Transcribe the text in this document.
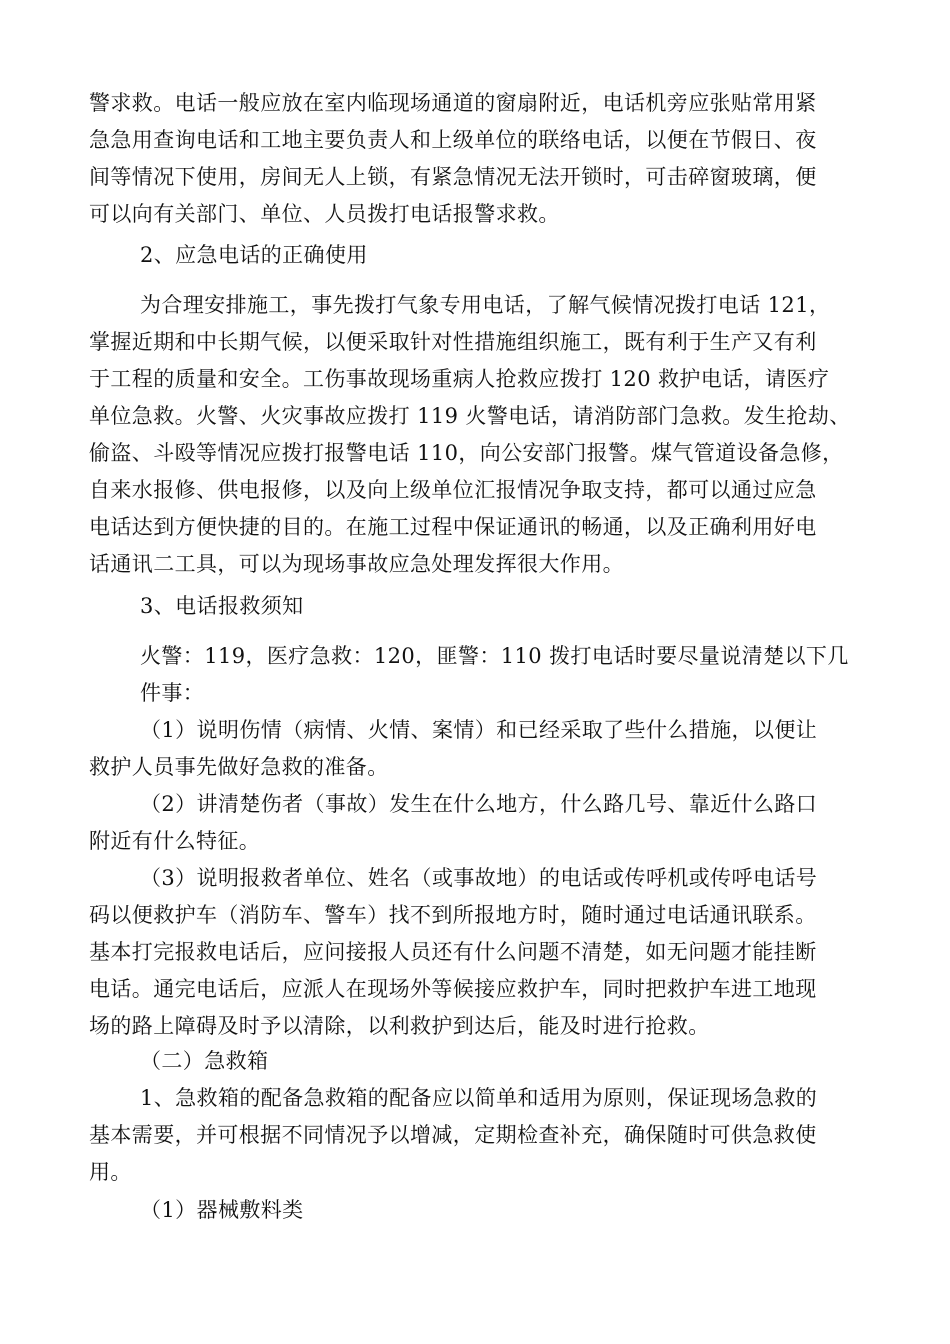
警求救。电话一般应放在室内临现场通道的窗扇附近，电话机旁应张贴常用紧
急急用查询电话和工地主要负责人和上级单位的联络电话，以便在节假日、夜
间等情况下使用，房间无人上锁，有紧急情况无法开锁时，可击碎窗玻璃，便
可以向有关部门、单位、人员拨打电话报警求救。
2、应急电话的正确使用
为合理安排施工，事先拨打气象专用电话，了解气候情况拨打电话 121，
掌握近期和中长期气候，以便采取针对性措施组织施工，既有利于生产又有利
于工程的质量和安全。工伤事故现场重病人抢救应拨打 120 救护电话，请医疗
单位急救。火警、火灾事故应拨打 119 火警电话，请消防部门急救。发生抢劫、
偷盗、斗殴等情况应拨打报警电话 110，向公安部门报警。煤气管道设备急修，
自来水报修、供电报修，以及向上级单位汇报情况争取支持，都可以通过应急
电话达到方便快捷的目的。在施工过程中保证通讯的畅通，以及正确利用好电
话通讯二工具，可以为现场事故应急处理发挥很大作用。
3、电话报救须知
火警：119，医疗急救：120，匪警：110 拨打电话时要尽量说清楚以下几
件事：
（1）说明伤情（病情、火情、案情）和已经采取了些什么措施，以便让
救护人员事先做好急救的准备。
（2）讲清楚伤者（事故）发生在什么地方，什么路几号、靠近什么路口
附近有什么特征。
（3）说明报救者单位、姓名（或事故地）的电话或传呼机或传呼电话号
码以便救护车（消防车、警车）找不到所报地方时，随时通过电话通讯联系。
基本打完报救电话后，应问接报人员还有什么问题不清楚，如无问题才能挂断
电话。通完电话后，应派人在现场外等候接应救护车，同时把救护车进工地现
场的路上障碍及时予以清除，以利救护到达后，能及时进行抢救。
（二）急救箱
1、急救箱的配备急救箱的配备应以简单和适用为原则，保证现场急救的
基本需要，并可根据不同情况予以增减，定期检查补充，确保随时可供急救使
用。
（1）器械敷料类
